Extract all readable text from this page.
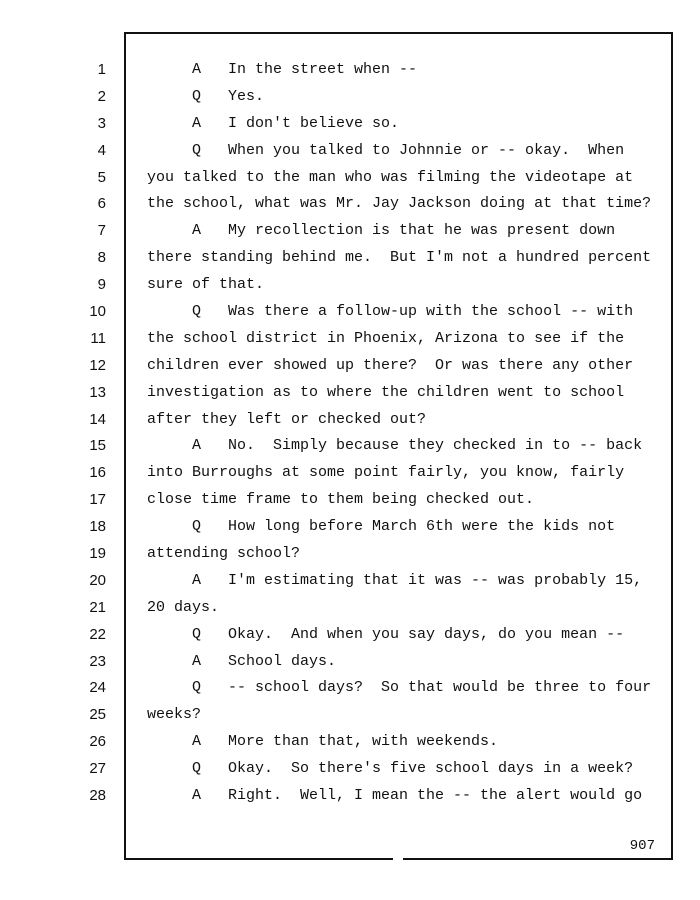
1	A   In the street when --
2	Q   Yes.
3	A   I don't believe so.
4	Q   When you talked to Johnnie or -- okay.  When
5	you talked to the man who was filming the videotape at
6	the school, what was Mr. Jay Jackson doing at that time?
7	A   My recollection is that he was present down
8	there standing behind me.  But I'm not a hundred percent
9	sure of that.
10	Q   Was there a follow-up with the school -- with
11	the school district in Phoenix, Arizona to see if the
12	children ever showed up there?  Or was there any other
13	investigation as to where the children went to school
14	after they left or checked out?
15	A   No.  Simply because they checked in to -- back
16	into Burroughs at some point fairly, you know, fairly
17	close time frame to them being checked out.
18	Q   How long before March 6th were the kids not
19	attending school?
20	A   I'm estimating that it was -- was probably 15,
21	20 days.
22	Q   Okay.  And when you say days, do you mean --
23	A   School days.
24	Q   -- school days?  So that would be three to four
25	weeks?
26	A   More than that, with weekends.
27	Q   Okay.  So there's five school days in a week?
28	A   Right.  Well, I mean the -- the alert would go
907
